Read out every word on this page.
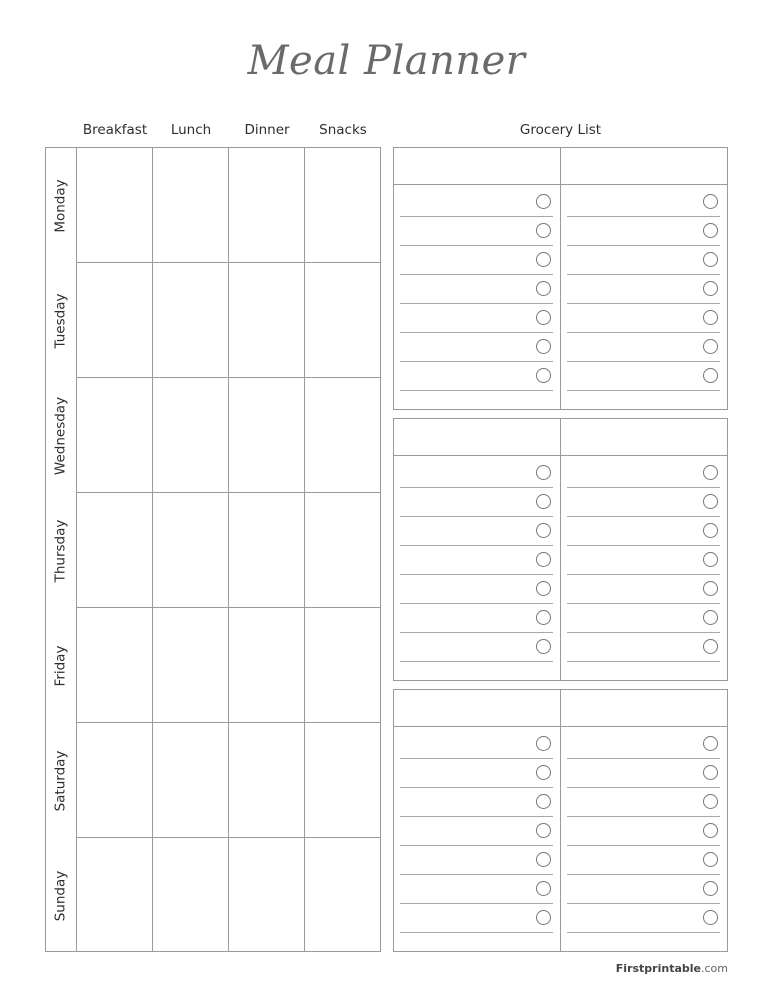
Meal Planner
Breakfast	Lunch	Dinner	Snacks	Grocery List
Monday
Tuesday
Wednesday
Thursday
Friday
Saturday
Sunday
Firstprintable.com
